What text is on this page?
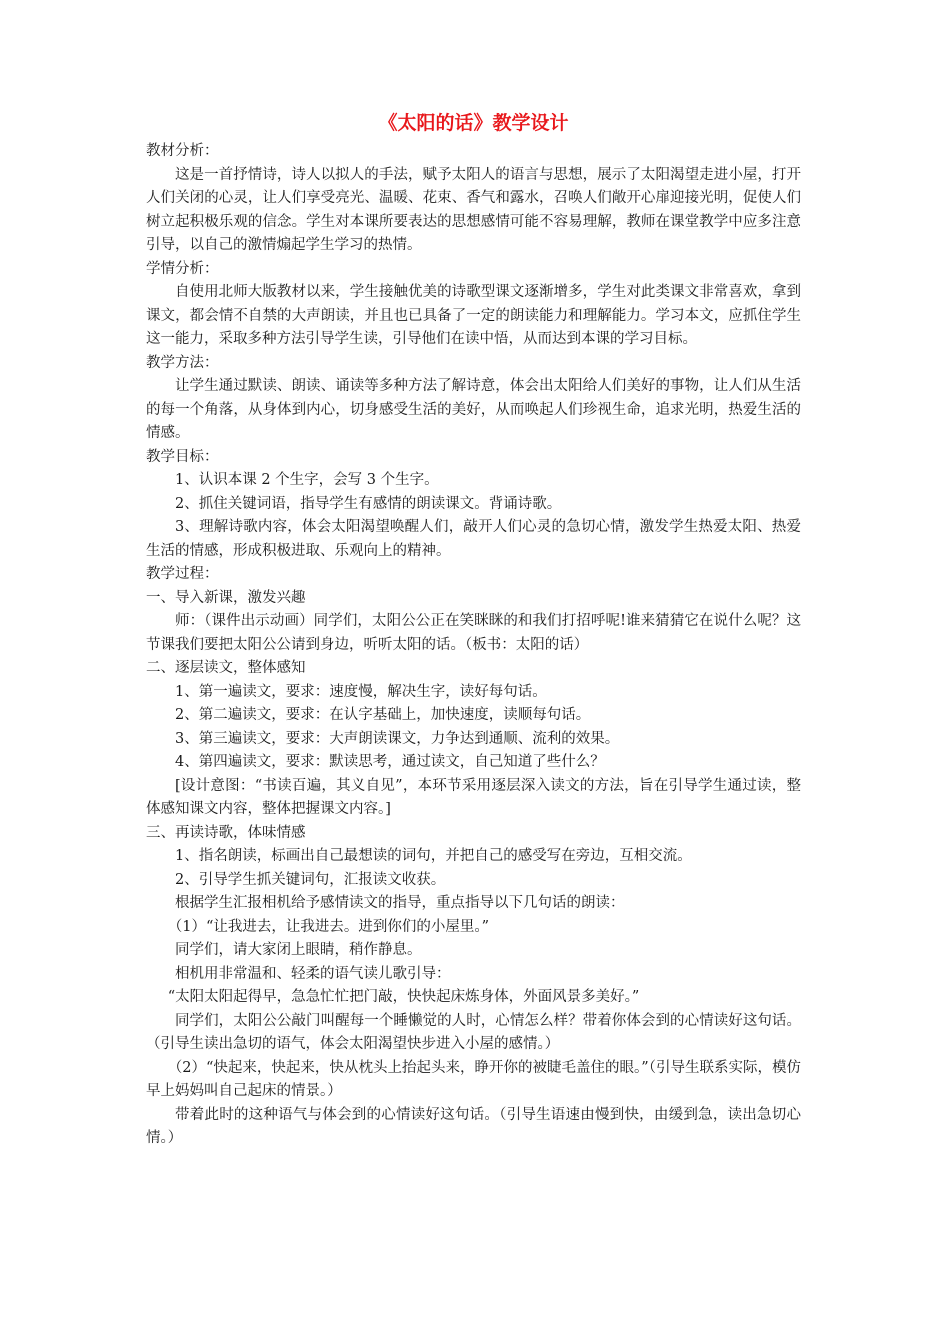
《太阳的话》教学设计
教材分析：
这是一首抒情诗，诗人以拟人的手法，赋予太阳人的语言与思想，展示了太阳渴望走进小屋，打开人们关闭的心灵，让人们享受亮光、温暖、花束、香气和露水，召唤人们敞开心扉迎接光明，促使人们树立起积极乐观的信念。学生对本课所要表达的思想感情可能不容易理解，教师在课堂教学中应多注意引导，以自己的激情煽起学生学习的热情。
学情分析：
自使用北师大版教材以来，学生接触优美的诗歌型课文逐渐增多，学生对此类课文非常喜欢，拿到课文，都会情不自禁的大声朗读，并且也已具备了一定的朗读能力和理解能力。学习本文，应抓住学生这一能力，采取多种方法引导学生读，引导他们在读中悟，从而达到本课的学习目标。
教学方法：
让学生通过默读、朗读、诵读等多种方法了解诗意，体会出太阳给人们美好的事物，让人们从生活的每一个角落，从身体到内心，切身感受生活的美好，从而唤起人们珍视生命，追求光明，热爱生活的情感。
教学目标：
1、认识本课 2 个生字，会写 3 个生字。
2、抓住关键词语，指导学生有感情的朗读课文。背诵诗歌。
3、理解诗歌内容，体会太阳渴望唤醒人们，敲开人们心灵的急切心情，激发学生热爱太阳、热爱生活的情感，形成积极进取、乐观向上的精神。
教学过程：
一、导入新课，激发兴趣
师：（课件出示动画）同学们，太阳公公正在笑眯眯的和我们打招呼呢!谁来猜猜它在说什么呢？这节课我们要把太阳公公请到身边，听听太阳的话。（板书：太阳的话）
二、逐层读文，整体感知
1、第一遍读文，要求：速度慢，解决生字，读好每句话。
2、第二遍读文，要求：在认字基础上，加快速度，读顺每句话。
3、第三遍读文，要求：大声朗读课文，力争达到通顺、流利的效果。
4、第四遍读文，要求：默读思考，通过读文，自己知道了些什么？
[设计意图：“书读百遍，其义自见”，本环节采用逐层深入读文的方法，旨在引导学生通过读，整体感知课文内容，整体把握课文内容。]
三、再读诗歌，体味情感
1、指名朗读，标画出自己最想读的词句，并把自己的感受写在旁边，互相交流。
2、引导学生抓关键词句，汇报读文收获。
根据学生汇报相机给予感情读文的指导，重点指导以下几句话的朗读：
（1）“让我进去，让我进去。进到你们的小屋里。”
同学们，请大家闭上眼睛，稍作静息。
相机用非常温和、轻柔的语气读儿歌引导：
“太阳太阳起得早，急急忙忙把门敲，快快起床炼身体，外面风景多美好。”
同学们，太阳公公敲门叫醒每一个睡懒觉的人时，心情怎么样？带着你体会到的心情读好这句话。（引导生读出急切的语气，体会太阳渴望快步进入小屋的感情。）
（2）“快起来，快起来，快从枕头上抬起头来，睁开你的被睫毛盖住的眼。”（引导生联系实际，模仿早上妈妈叫自己起床的情景。）
带着此时的这种语气与体会到的心情读好这句话。（引导生语速由慢到快，由缓到急，读出急切心情。）
